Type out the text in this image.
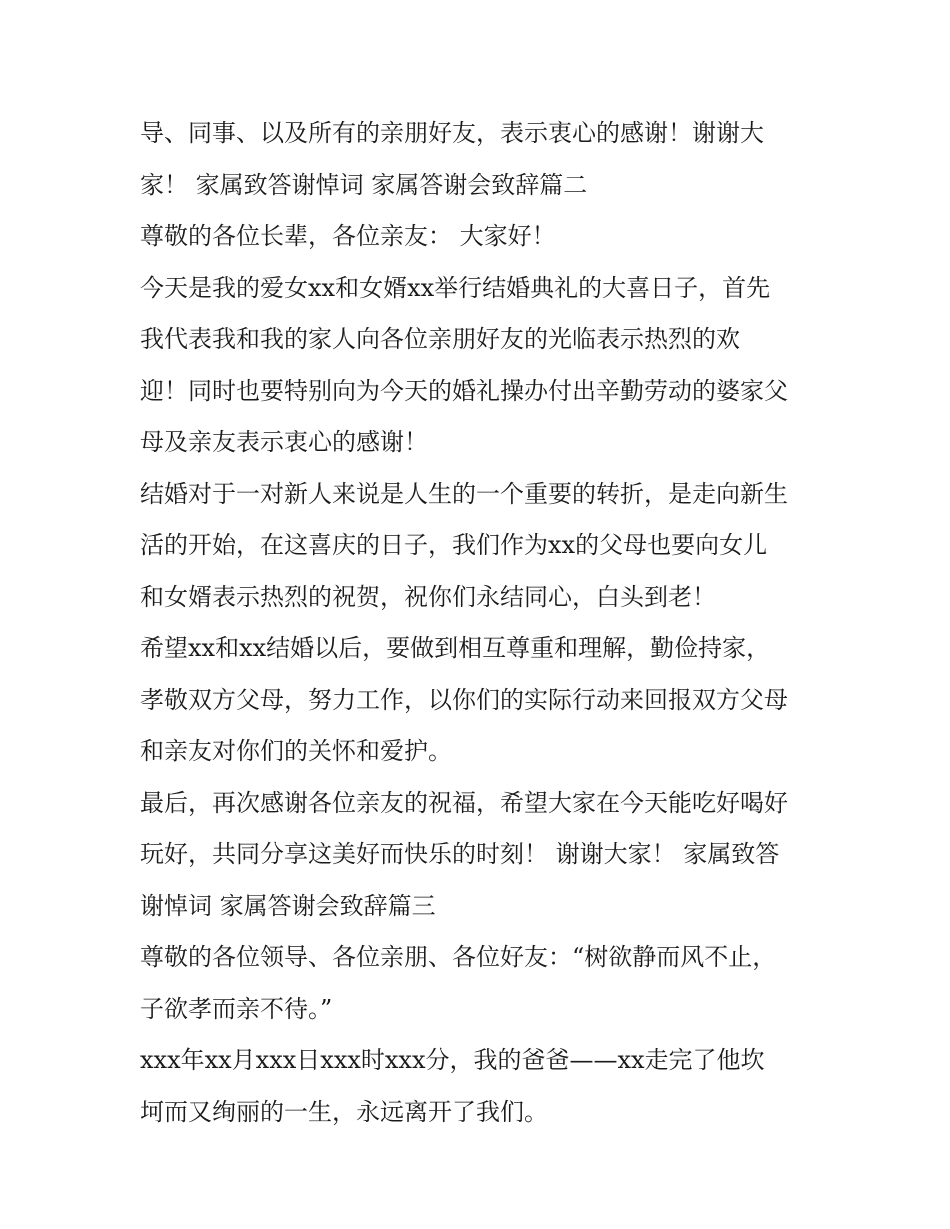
导、同事、以及所有的亲朋好友，表示衷心的感谢！谢谢大
家！ 家属致答谢悼词 家属答谢会致辞篇二
尊敬的各位长辈，各位亲友： 大家好！
今天是我的爱女xx和女婿xx举行结婚典礼的大喜日子，首先
我代表我和我的家人向各位亲朋好友的光临表示热烈的欢
迎！同时也要特别向为今天的婚礼操办付出辛勤劳动的婆家父
母及亲友表示衷心的感谢！
结婚对于一对新人来说是人生的一个重要的转折，是走向新生
活的开始，在这喜庆的日子，我们作为xx的父母也要向女儿
和女婿表示热烈的祝贺，祝你们永结同心，白头到老！
希望xx和xx结婚以后，要做到相互尊重和理解，勤俭持家，
孝敬双方父母，努力工作，以你们的实际行动来回报双方父母
和亲友对你们的关怀和爱护。
最后，再次感谢各位亲友的祝福，希望大家在今天能吃好喝好
玩好，共同分享这美好而快乐的时刻！ 谢谢大家！ 家属致答
谢悼词 家属答谢会致辞篇三
尊敬的各位领导、各位亲朋、各位好友：“树欲静而风不止，
子欲孝而亲不待。”
xxx年xx月xxx日xxx时xxx分，我的爸爸——xx走完了他坎
坷而又绚丽的一生，永远离开了我们。
